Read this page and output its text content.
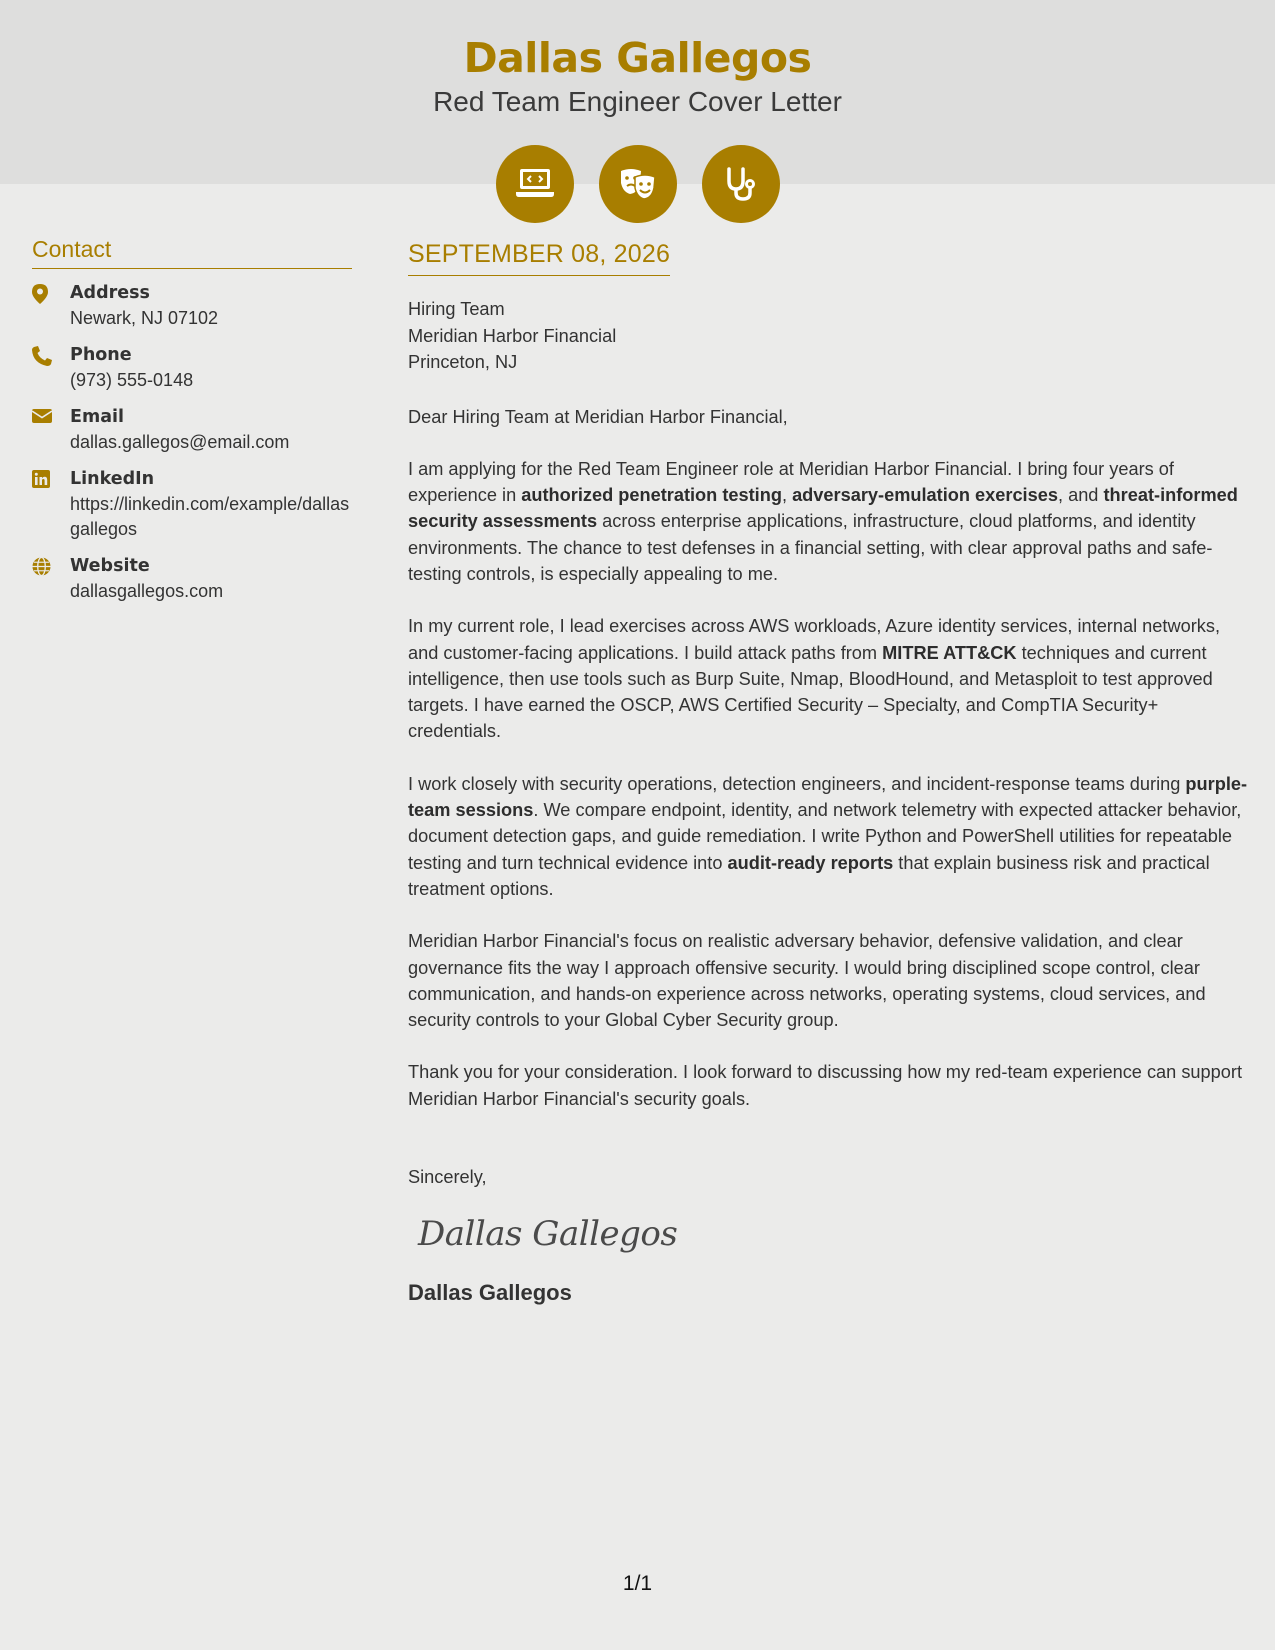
Dallas Gallegos
Red Team Engineer Cover Letter
Contact
Address
Newark, NJ 07102
Phone
(973) 555-0148
Email
dallas.gallegos@email.com
LinkedIn
https://linkedin.com/example/dallasgallegos
Website
dallasgallegos.com
SEPTEMBER 08, 2026
Hiring Team
Meridian Harbor Financial
Princeton, NJ

Dear Hiring Team at Meridian Harbor Financial,

I am applying for the Red Team Engineer role at Meridian Harbor Financial. I bring four years of experience in authorized penetration testing, adversary-emulation exercises, and threat-informed security assessments across enterprise applications, infrastructure, cloud platforms, and identity environments. The chance to test defenses in a financial setting, with clear approval paths and safe-testing controls, is especially appealing to me.

In my current role, I lead exercises across AWS workloads, Azure identity services, internal networks, and customer-facing applications. I build attack paths from MITRE ATT&CK techniques and current intelligence, then use tools such as Burp Suite, Nmap, BloodHound, and Metasploit to test approved targets. I have earned the OSCP, AWS Certified Security – Specialty, and CompTIA Security+ credentials.

I work closely with security operations, detection engineers, and incident-response teams during purple-team sessions. We compare endpoint, identity, and network telemetry with expected attacker behavior, document detection gaps, and guide remediation. I write Python and PowerShell utilities for repeatable testing and turn technical evidence into audit-ready reports that explain business risk and practical treatment options.

Meridian Harbor Financial's focus on realistic adversary behavior, defensive validation, and clear governance fits the way I approach offensive security. I would bring disciplined scope control, clear communication, and hands-on experience across networks, operating systems, cloud services, and security controls to your Global Cyber Security group.

Thank you for your consideration. I look forward to discussing how my red-team experience can support Meridian Harbor Financial's security goals.

Sincerely,

Dallas Gallegos
Dallas Gallegos
1/1
